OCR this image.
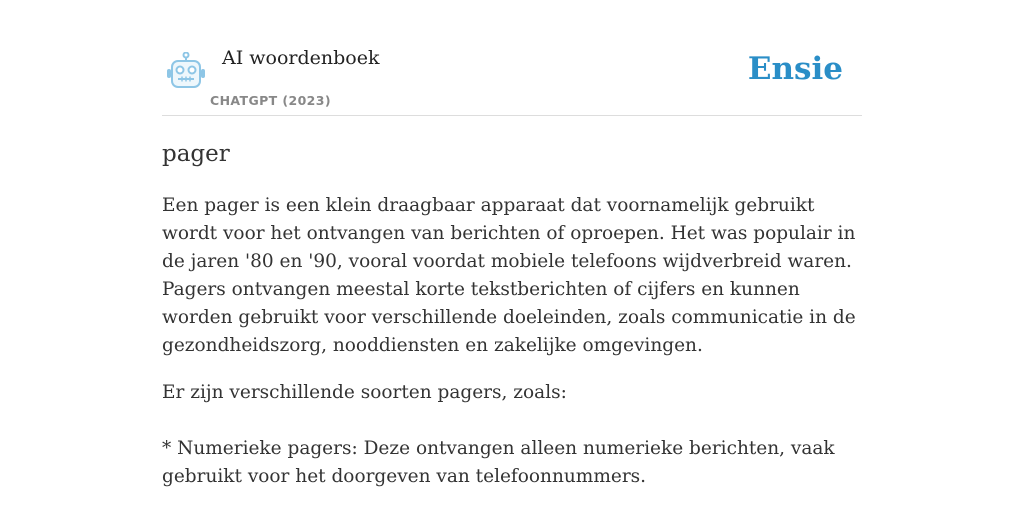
AI woordenboek
CHATGPT (2023)
Ensie
pager

Een pager is een klein draagbaar apparaat dat voornamelijk gebruikt wordt voor het ontvangen van berichten of oproepen. Het was populair in de jaren '80 en '90, vooral voordat mobiele telefoons wijdverbreid waren. Pagers ontvangen meestal korte tekstberichten of cijfers en kunnen worden gebruikt voor verschillende doeleinden, zoals communicatie in de gezondheidszorg, nooddiensten en zakelijke omgevingen.

Er zijn verschillende soorten pagers, zoals:

* Numerieke pagers: Deze ontvangen alleen numerieke berichten, vaak gebruikt voor het doorgeven van telefoonnummers.
